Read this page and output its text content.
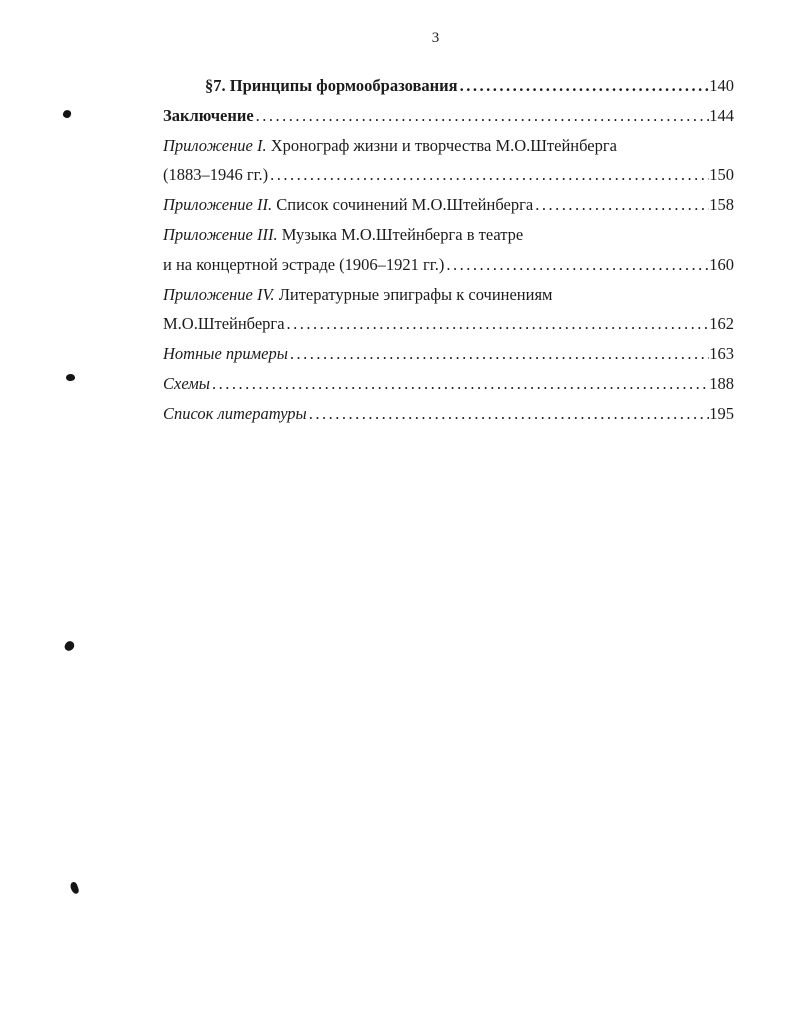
3
§7. Принципы формообразования .....	140
Заключение .....	144
Приложение I. Хронограф жизни и творчества М.О.Штейнберга
(1883–1946 гг.) .....	150
Приложение II. Список сочинений М.О.Штейнберга .....	158
Приложение III. Музыка М.О.Штейнберга в театре
и на концертной эстраде (1906–1921 гг.) .....	160
Приложение IV. Литературные эпиграфы к сочинениям
М.О.Штейнберга .....	162
Нотные примеры .....	163
Схемы .....	188
Список литературы .....	195
